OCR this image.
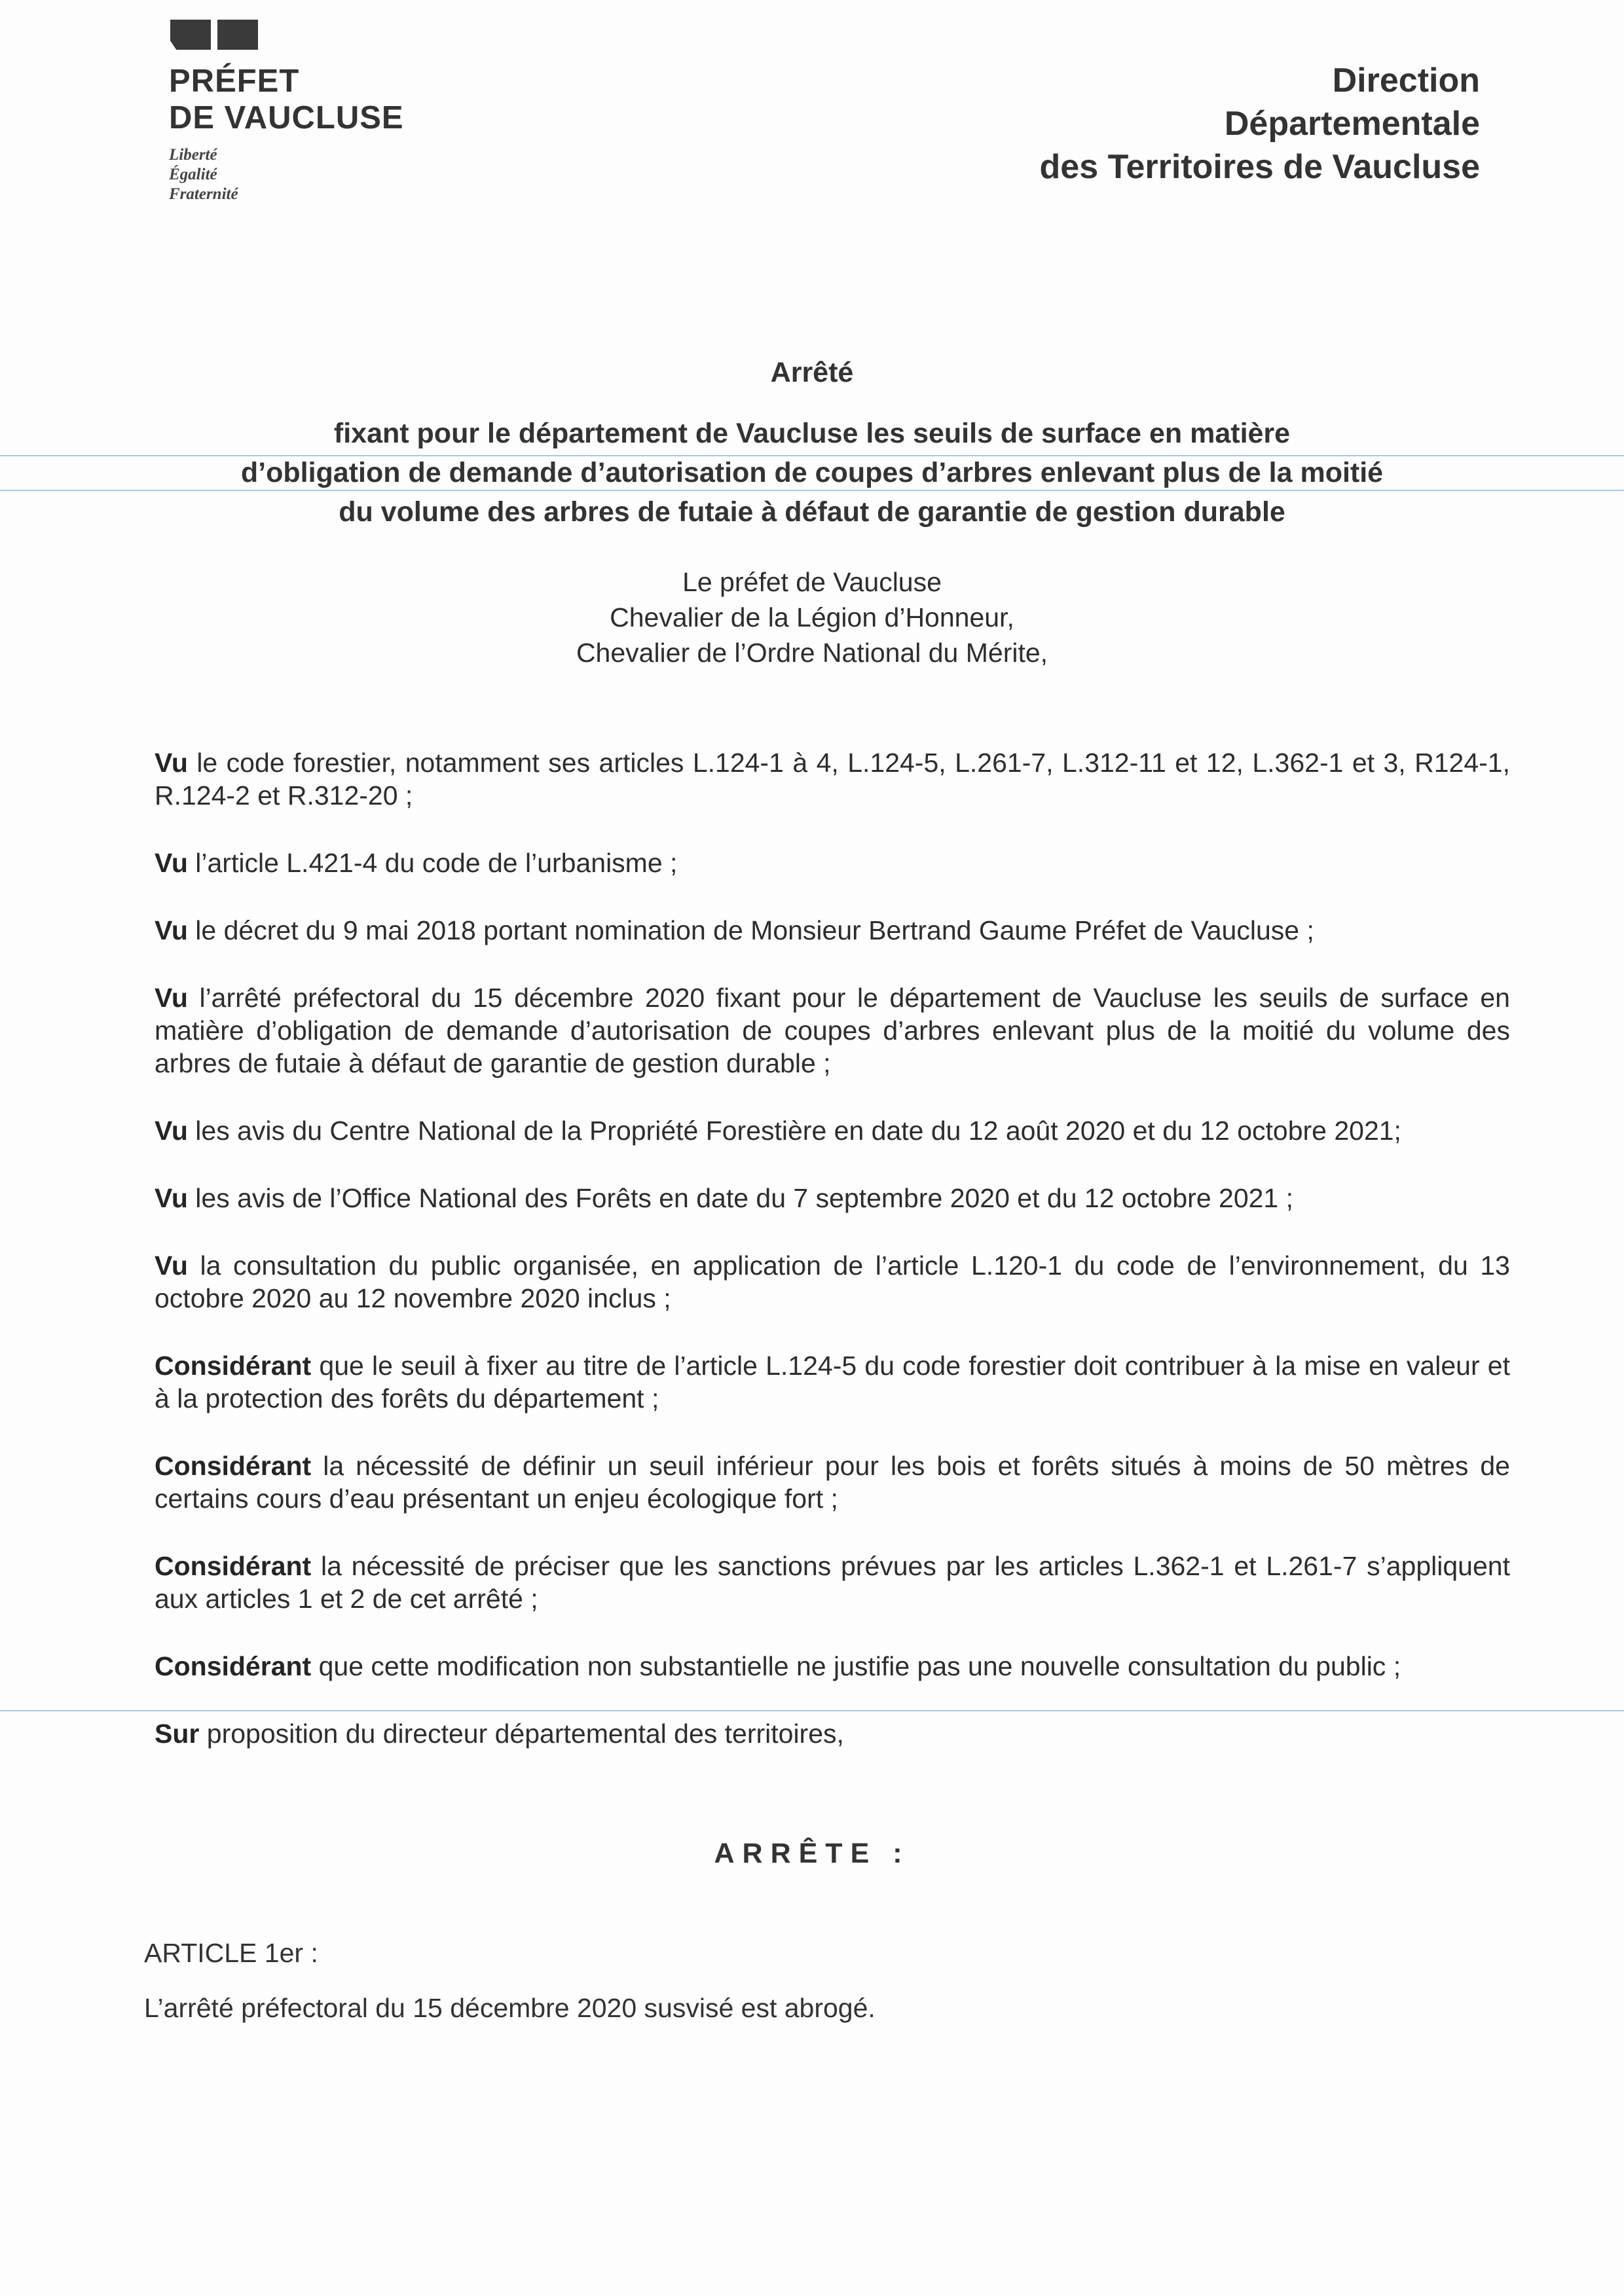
PRÉFET
DE VAUCLUSE
Liberté
Égalité
Fraternité
Direction
Départementale
des Territoires de Vaucluse
Arrêté
fixant pour le département de Vaucluse les seuils de surface en matière
d’obligation de demande d’autorisation de coupes d’arbres enlevant plus de la moitié
du volume des arbres de futaie à défaut de garantie de gestion durable
Le préfet de Vaucluse
Chevalier de la Légion d’Honneur,
Chevalier de l’Ordre National du Mérite,

Vu le code forestier, notamment ses articles L.124-1 à 4, L.124-5, L.261-7, L.312-11 et 12, L.362-1 et 3, R124-1, R.124-2 et R.312-20 ;

Vu l’article L.421-4 du code de l’urbanisme ;

Vu le décret du 9 mai 2018 portant nomination de Monsieur Bertrand Gaume Préfet de Vaucluse ;

Vu l’arrêté préfectoral du 15 décembre 2020 fixant pour le département de Vaucluse les seuils de surface en matière d’obligation de demande d’autorisation de coupes d’arbres enlevant plus de la moitié du volume des arbres de futaie à défaut de garantie de gestion durable ;

Vu les avis du Centre National de la Propriété Forestière en date du 12 août 2020 et du 12 octobre 2021;

Vu les avis de l’Office National des Forêts en date du 7 septembre 2020 et du 12 octobre 2021 ;

Vu la consultation du public organisée, en application de l’article L.120-1 du code de l’environnement, du 13 octobre 2020 au 12 novembre 2020 inclus ;

Considérant que le seuil à fixer au titre de l’article L.124-5 du code forestier doit contribuer à la mise en valeur et à la protection des forêts du département ;

Considérant la nécessité de définir un seuil inférieur pour les bois et forêts situés à moins de 50 mètres de certains cours d’eau présentant un enjeu écologique fort ;

Considérant la nécessité de préciser que les sanctions prévues par les articles L.362-1 et L.261-7 s’appliquent aux articles 1 et 2 de cet arrêté ;

Considérant que cette modification non substantielle ne justifie pas une nouvelle consultation du public ;

Sur proposition du directeur départemental des territoires,

ARRÊTE :
ARTICLE 1er :
L’arrêté préfectoral du 15 décembre 2020 susvisé est abrogé.
